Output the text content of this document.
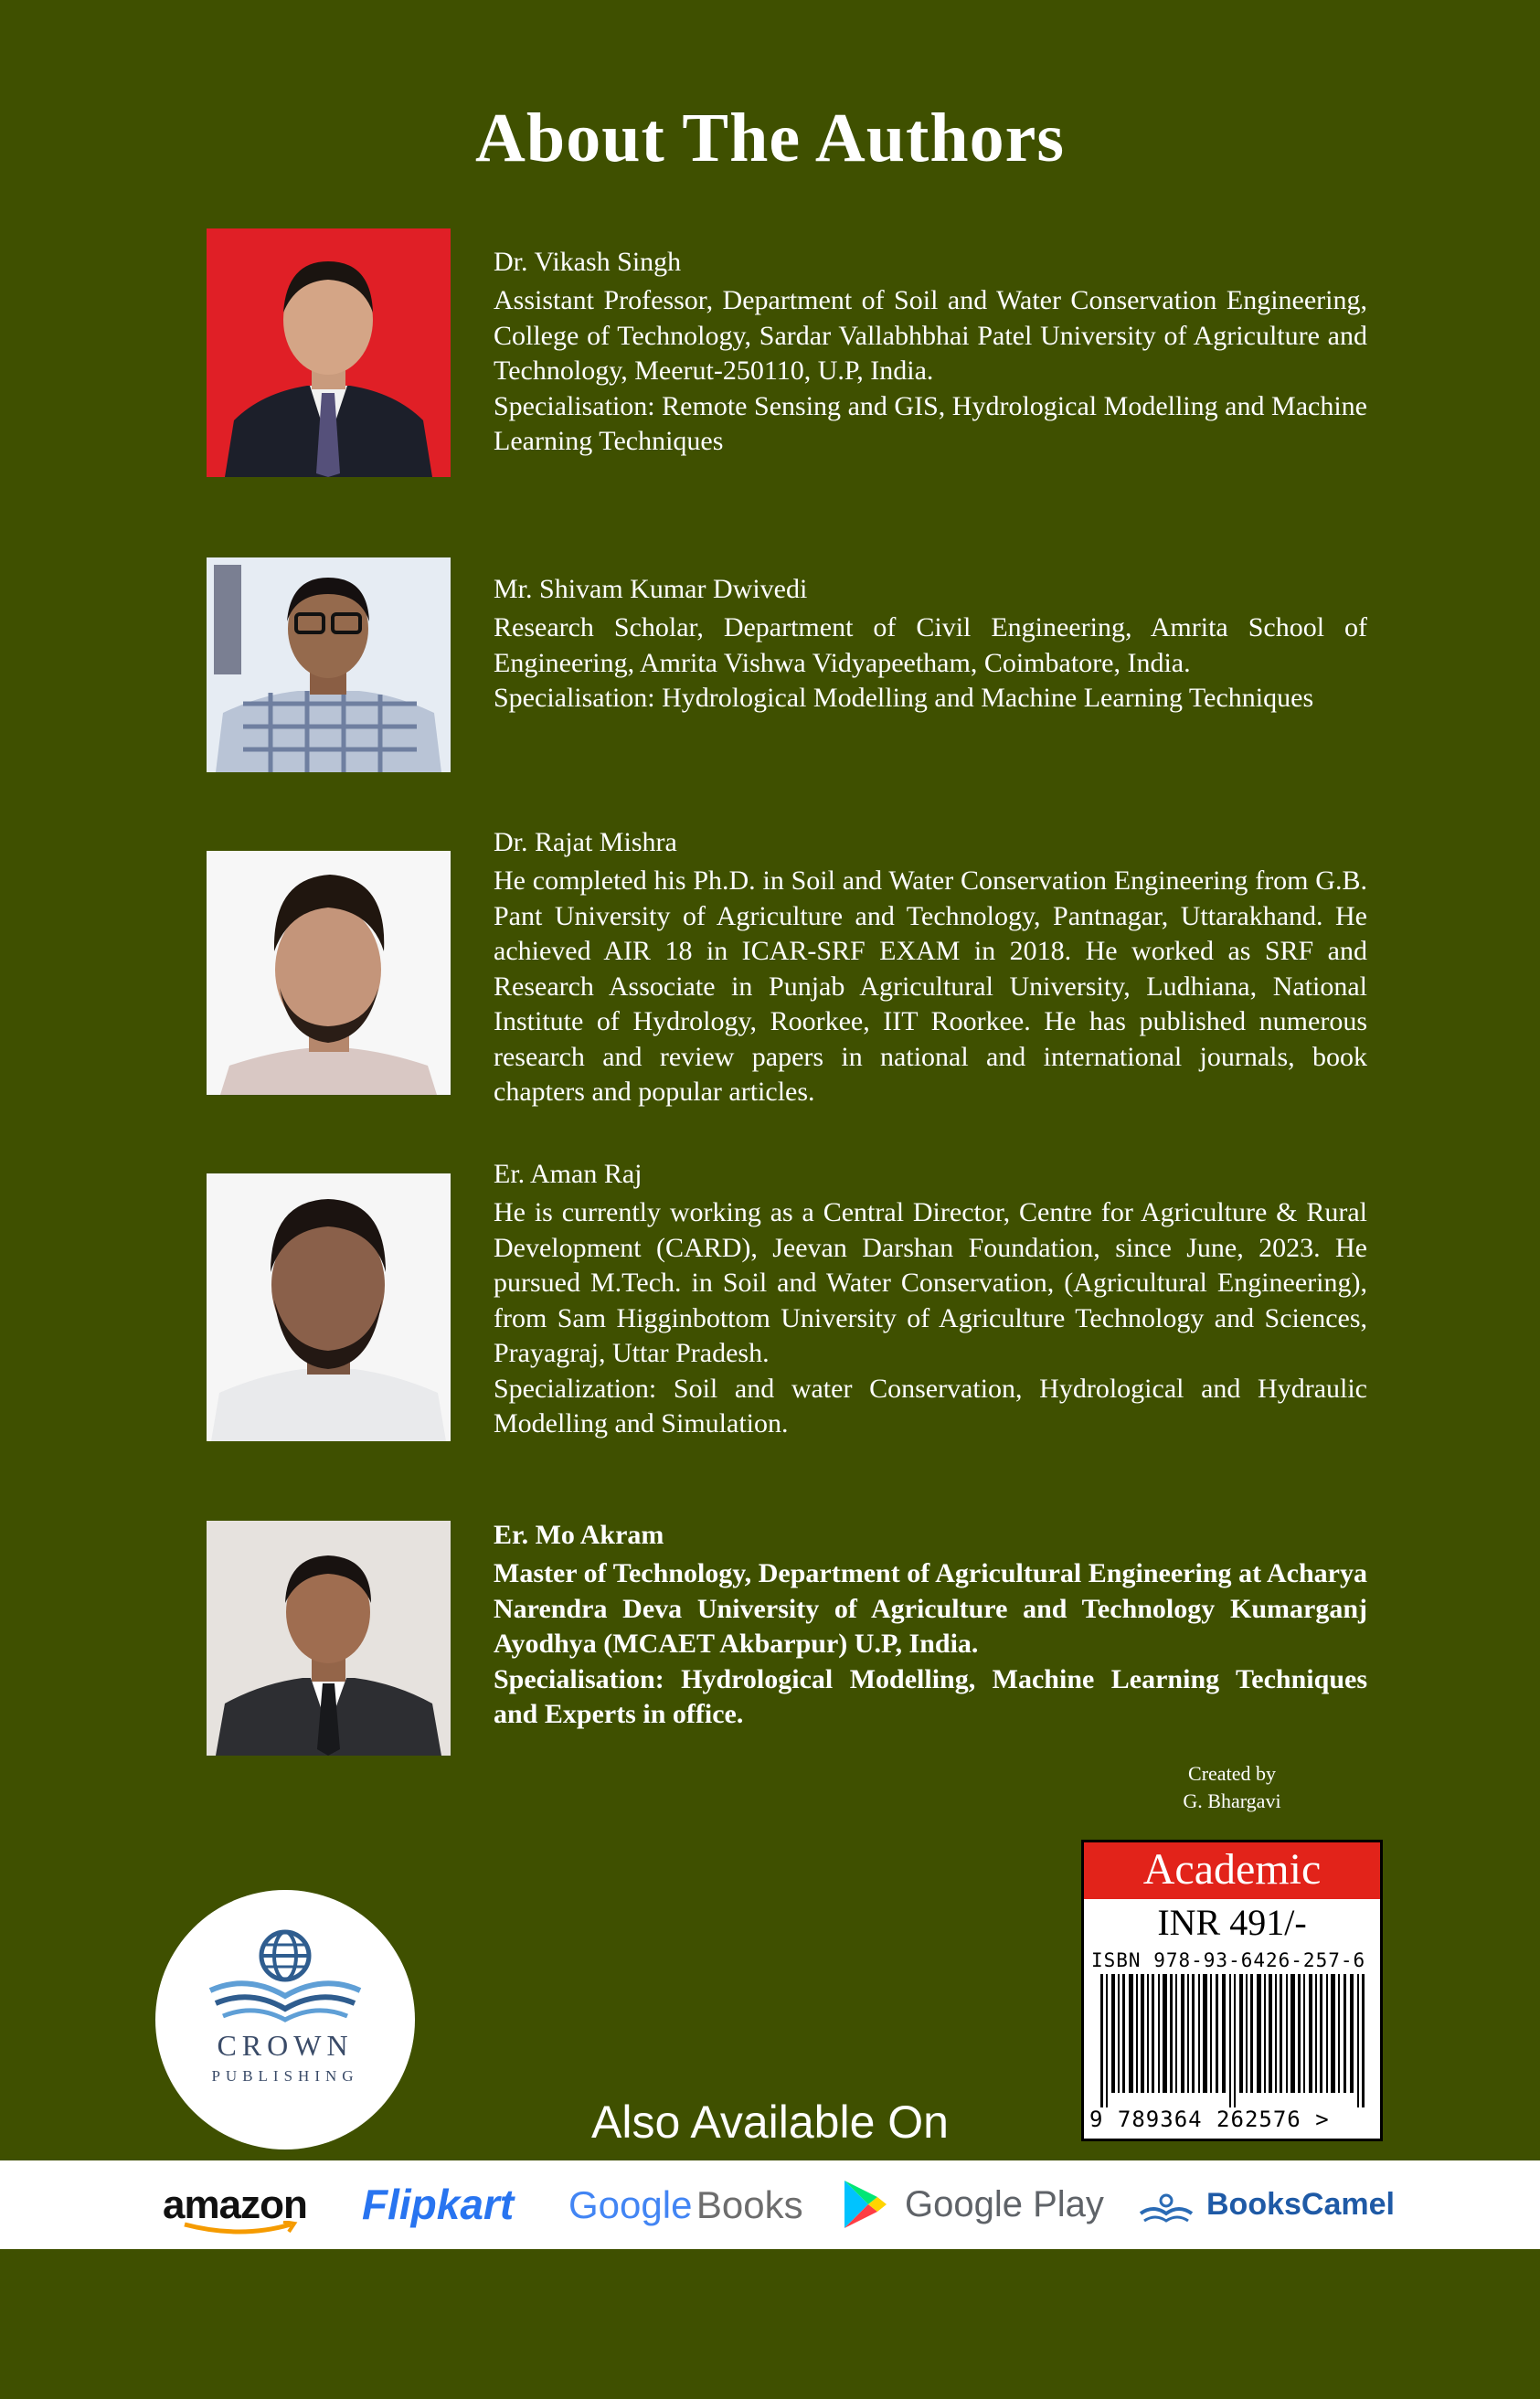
About The Authors
Dr. Vikash Singh

Assistant Professor, Department of Soil and Water Conservation Engineering, College of Technology, Sardar Vallabhbhai Patel University of Agriculture and Technology, Meerut-250110, U.P, India.

Specialisation: Remote Sensing and GIS, Hydrological Modelling and Machine Learning Techniques

Mr. Shivam Kumar Dwivedi

Research Scholar, Department of Civil Engineering, Amrita School of Engineering, Amrita Vishwa Vidyapeetham, Coimbatore, India.

Specialisation: Hydrological Modelling and Machine Learning Techniques

Dr. Rajat Mishra

He completed his Ph.D. in Soil and Water Conservation Engineering from G.B. Pant University of Agriculture and Technology, Pantnagar, Uttarakhand. He achieved AIR 18 in ICAR-SRF EXAM in 2018. He worked as SRF and Research Associate in Punjab Agricultural University, Ludhiana, National Institute of Hydrology, Roorkee, IIT Roorkee. He has published numerous research and review papers in national and international journals, book chapters and popular articles.

Er. Aman Raj

He is currently working as a Central Director, Centre for Agriculture & Rural Development (CARD), Jeevan Darshan Foundation, since June, 2023. He pursued M.Tech. in Soil and Water Conservation, (Agricultural Engineering), from Sam Higginbottom University of Agriculture Technology and Sciences, Prayagraj, Uttar Pradesh.

Specialization: Soil and water Conservation, Hydrological and Hydraulic Modelling and Simulation.

Er. Mo Akram

Master of Technology, Department of Agricultural Engineering at Acharya Narendra Deva University of Agriculture and Technology Kumarganj Ayodhya (MCAET Akbarpur) U.P, India.

Specialisation: Hydrological Modelling, Machine Learning Techniques and Experts in office.

Created by
G. Bhargavi
CROWN
PUBLISHING
Academic
INR 491/-
ISBN 978-93-6426-257-6
9 789364 262576 >
Also Available On
amazon	Flipkart	Google Books	Google Play	BooksCamel
